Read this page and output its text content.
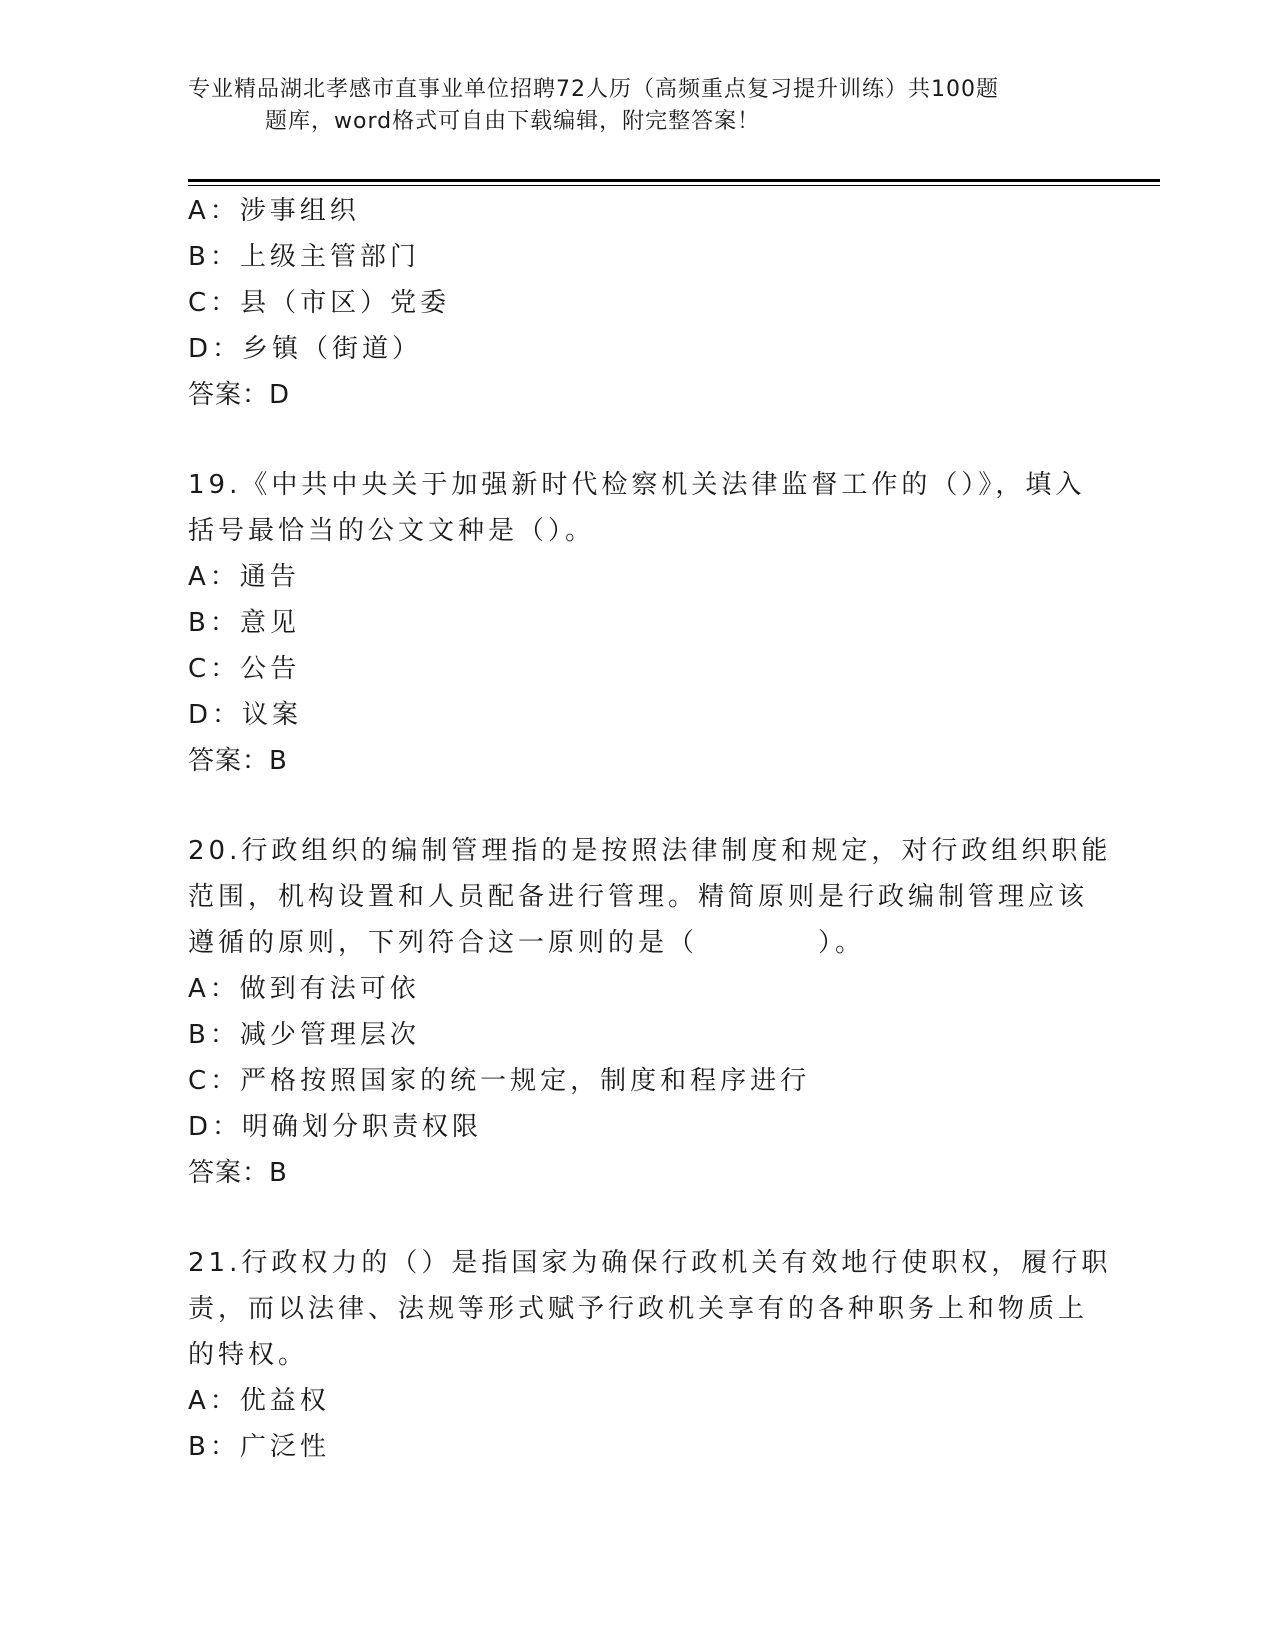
专业精品湖北孝感市直事业单位招聘72人历（高频重点复习提升训练）共100题
题库，word格式可自由下载编辑，附完整答案！
A：涉事组织
B：上级主管部门
C：县（市区）党委
D：乡镇（街道）
答案：D
19.《中共中央关于加强新时代检察机关法律监督工作的（）》，填入
括号最恰当的公文文种是（）。
A：通告
B：意见
C：公告
D：议案
答案：B
20.行政组织的编制管理指的是按照法律制度和规定，对行政组织职能
范围，机构设置和人员配备进行管理。精简原则是行政编制管理应该
遵循的原则，下列符合这一原则的是（　　　　）。
A：做到有法可依
B：减少管理层次
C：严格按照国家的统一规定，制度和程序进行
D：明确划分职责权限
答案：B
21.行政权力的（）是指国家为确保行政机关有效地行使职权，履行职
责，而以法律、法规等形式赋予行政机关享有的各种职务上和物质上
的特权。
A：优益权
B：广泛性
